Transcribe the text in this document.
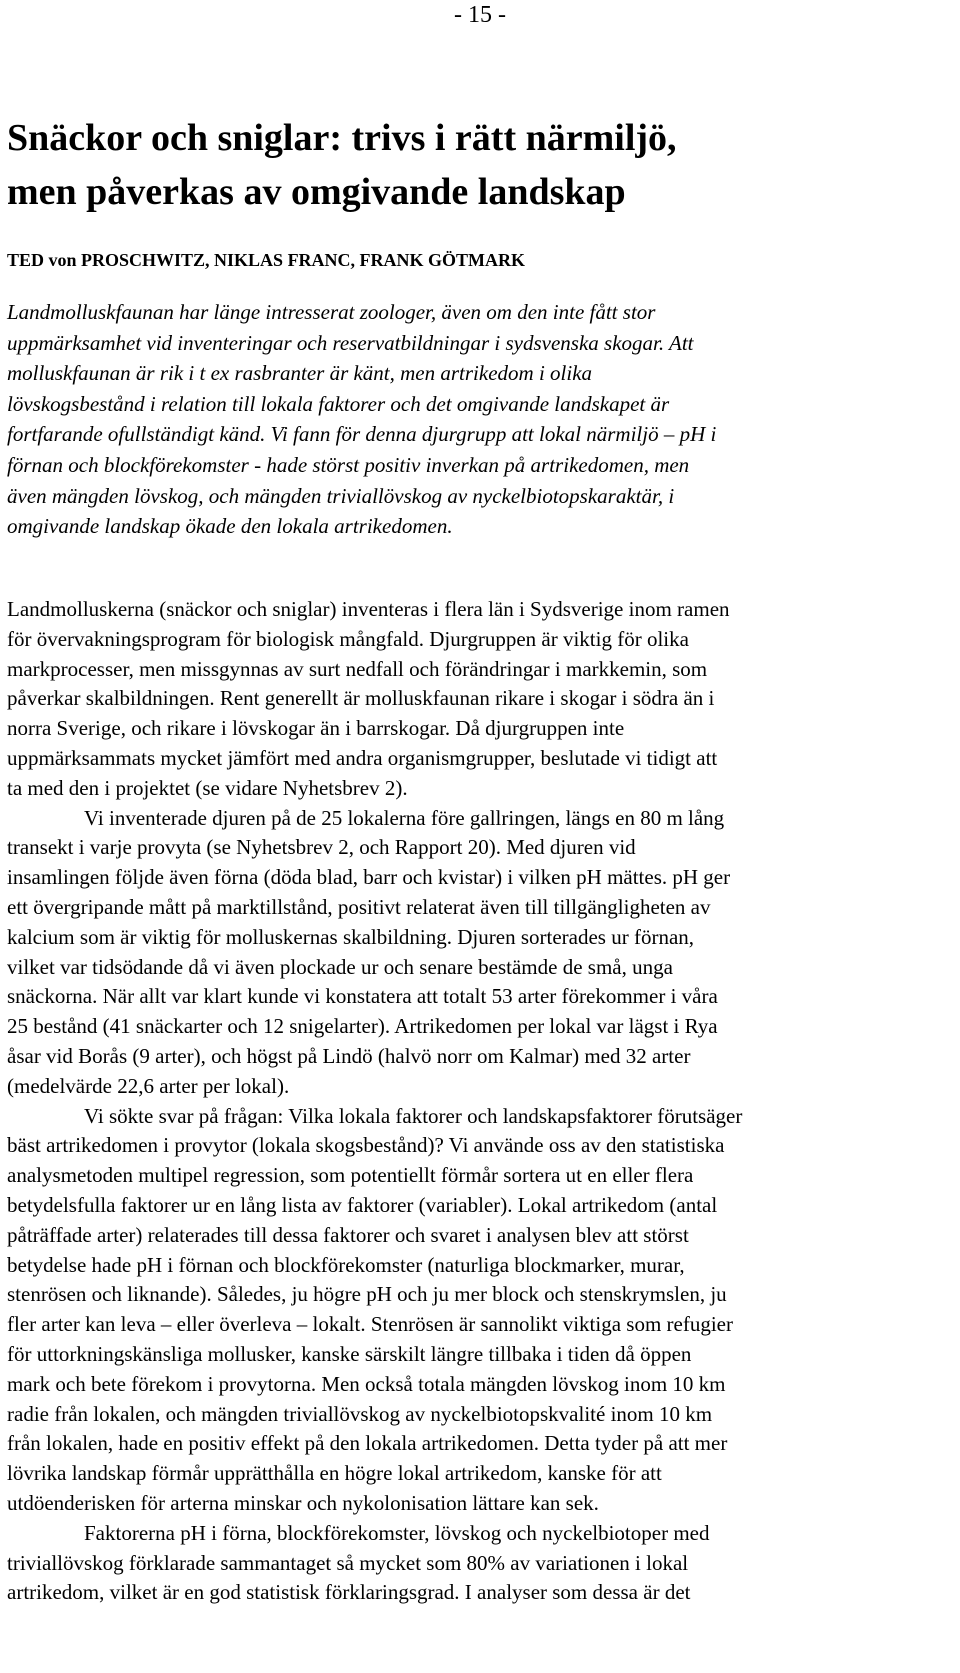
- 15 -
Snäckor och sniglar: trivs i rätt närmiljö,
men påverkas av omgivande landskap

TED von PROSCHWITZ, NIKLAS FRANC, FRANK GÖTMARK

Landmolluskfaunan har länge intresserat zoologer, även om den inte fått stor
uppmärksamhet vid inventeringar och reservatbildningar i sydsvenska skogar. Att
molluskfaunan är rik i t ex rasbranter är känt, men artrikedom i olika
lövskogsbestånd i relation till lokala faktorer och det omgivande landskapet är
fortfarande ofullständigt känd. Vi fann för denna djurgrupp att lokal närmiljö – pH i
förnan och blockförekomster - hade störst positiv inverkan på artrikedomen, men
även mängden lövskog, och mängden triviallövskog av nyckelbiotopskaraktär, i
omgivande landskap ökade den lokala artrikedomen.
Landmolluskerna (snäckor och sniglar) inventeras i flera län i Sydsverige inom ramen
för övervakningsprogram för biologisk mångfald. Djurgruppen är viktig för olika
markprocesser, men missgynnas av surt nedfall och förändringar i markkemin, som
påverkar skalbildningen. Rent generellt är molluskfaunan rikare i skogar i södra än i
norra Sverige, och rikare i lövskogar än i barrskogar. Då djurgruppen inte
uppmärksammats mycket jämfört med andra organismgrupper, beslutade vi tidigt att
ta med den i projektet (se vidare Nyhetsbrev 2).
Vi inventerade djuren på de 25 lokalerna före gallringen, längs en 80 m lång
transekt i varje provyta (se Nyhetsbrev 2, och Rapport 20). Med djuren vid
insamlingen följde även förna (döda blad, barr och kvistar) i vilken pH mättes. pH ger
ett övergripande mått på marktillstånd, positivt relaterat även till tillgängligheten av
kalcium som är viktig för molluskernas skalbildning. Djuren sorterades ur förnan,
vilket var tidsödande då vi även plockade ur och senare bestämde de små, unga
snäckorna. När allt var klart kunde vi konstatera att totalt 53 arter förekommer i våra
25 bestånd (41 snäckarter och 12 snigelarter). Artrikedomen per lokal var lägst i Rya
åsar vid Borås (9 arter), och högst på Lindö (halvö norr om Kalmar) med 32 arter
(medelvärde 22,6 arter per lokal).
Vi sökte svar på frågan: Vilka lokala faktorer och landskapsfaktorer förutsäger
bäst artrikedomen i provytor (lokala skogsbestånd)? Vi använde oss av den statistiska
analysmetoden multipel regression, som potentiellt förmår sortera ut en eller flera
betydelsfulla faktorer ur en lång lista av faktorer (variabler). Lokal artrikedom (antal
påträffade arter) relaterades till dessa faktorer och svaret i analysen blev att störst
betydelse hade pH i förnan och blockförekomster (naturliga blockmarker, murar,
stenrösen och liknande). Således, ju högre pH och ju mer block och stenskrymslen, ju
fler arter kan leva – eller överleva – lokalt. Stenrösen är sannolikt viktiga som refugier
för uttorkningskänsliga mollusker, kanske särskilt längre tillbaka i tiden då öppen
mark och bete förekom i provytorna. Men också totala mängden lövskog inom 10 km
radie från lokalen, och mängden triviallövskog av nyckelbiotopskvalité inom 10 km
från lokalen, hade en positiv effekt på den lokala artrikedomen. Detta tyder på att mer
lövrika landskap förmår upprätthålla en högre lokal artrikedom, kanske för att
utdöenderisken för arterna minskar och nykolonisation lättare kan sek.
Faktorerna pH i förna, blockförekomster, lövskog och nyckelbiotoper med
triviallövskog förklarade sammantaget så mycket som 80% av variationen i lokal
artrikedom, vilket är en god statistisk förklaringsgrad. I analyser som dessa är det
